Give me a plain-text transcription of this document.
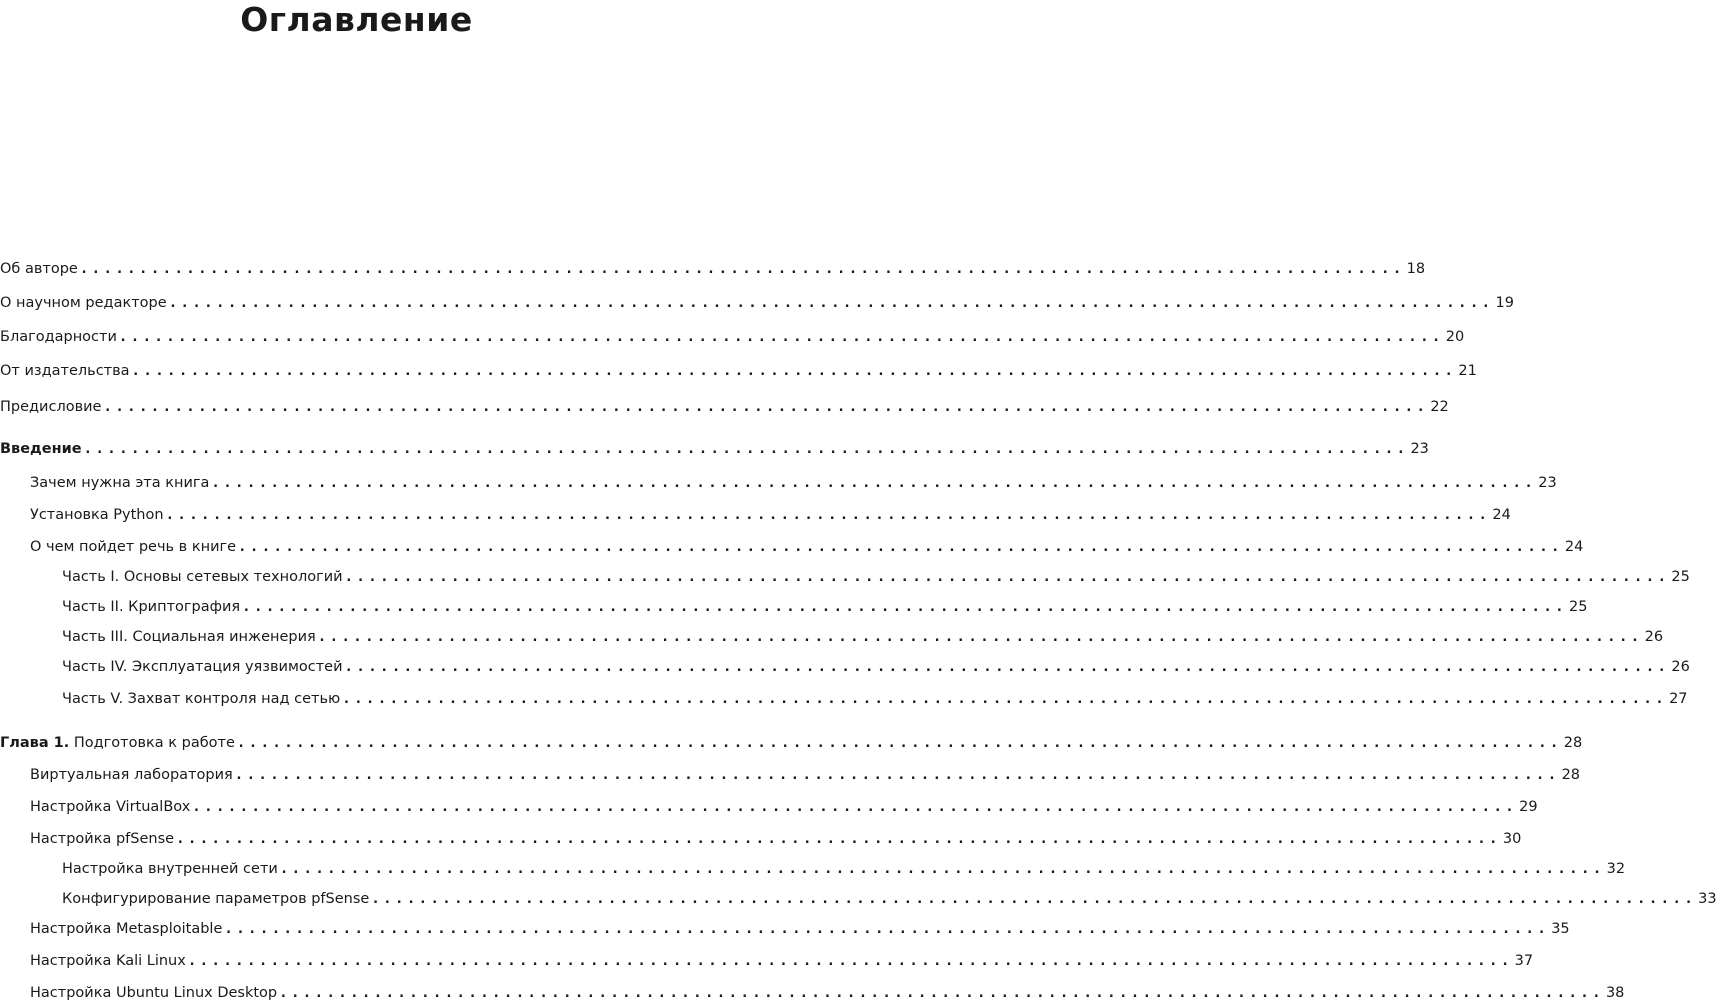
Оглавление
Об авторе ................................................................................................................ 18
О научном редакторе ................................................................................................................ 19
Благодарности ................................................................................................................ 20
От издательства ................................................................................................................ 21
Предисловие ................................................................................................................ 22
Введение ................................................................................................................ 23
Зачем нужна эта книга ................................................................................................................ 23
Установка Python ................................................................................................................ 24
О чем пойдет речь в книге ................................................................................................................ 24
Часть I. Основы сетевых технологий ................................................................................................................ 25
Часть II. Криптография ................................................................................................................ 25
Часть III. Социальная инженерия ................................................................................................................ 26
Часть IV. Эксплуатация уязвимостей ................................................................................................................ 26
Часть V. Захват контроля над сетью ................................................................................................................ 27
Глава 1. Подготовка к работе ................................................................................................................ 28
Виртуальная лаборатория ................................................................................................................ 28
Настройка VirtualBox ................................................................................................................ 29
Настройка pfSense ................................................................................................................ 30
Настройка внутренней сети ................................................................................................................ 32
Конфигурирование параметров pfSense ................................................................................................................ 33
Настройка Metasploitable ................................................................................................................ 35
Настройка Kali Linux ................................................................................................................ 37
Настройка Ubuntu Linux Desktop ................................................................................................................ 38
